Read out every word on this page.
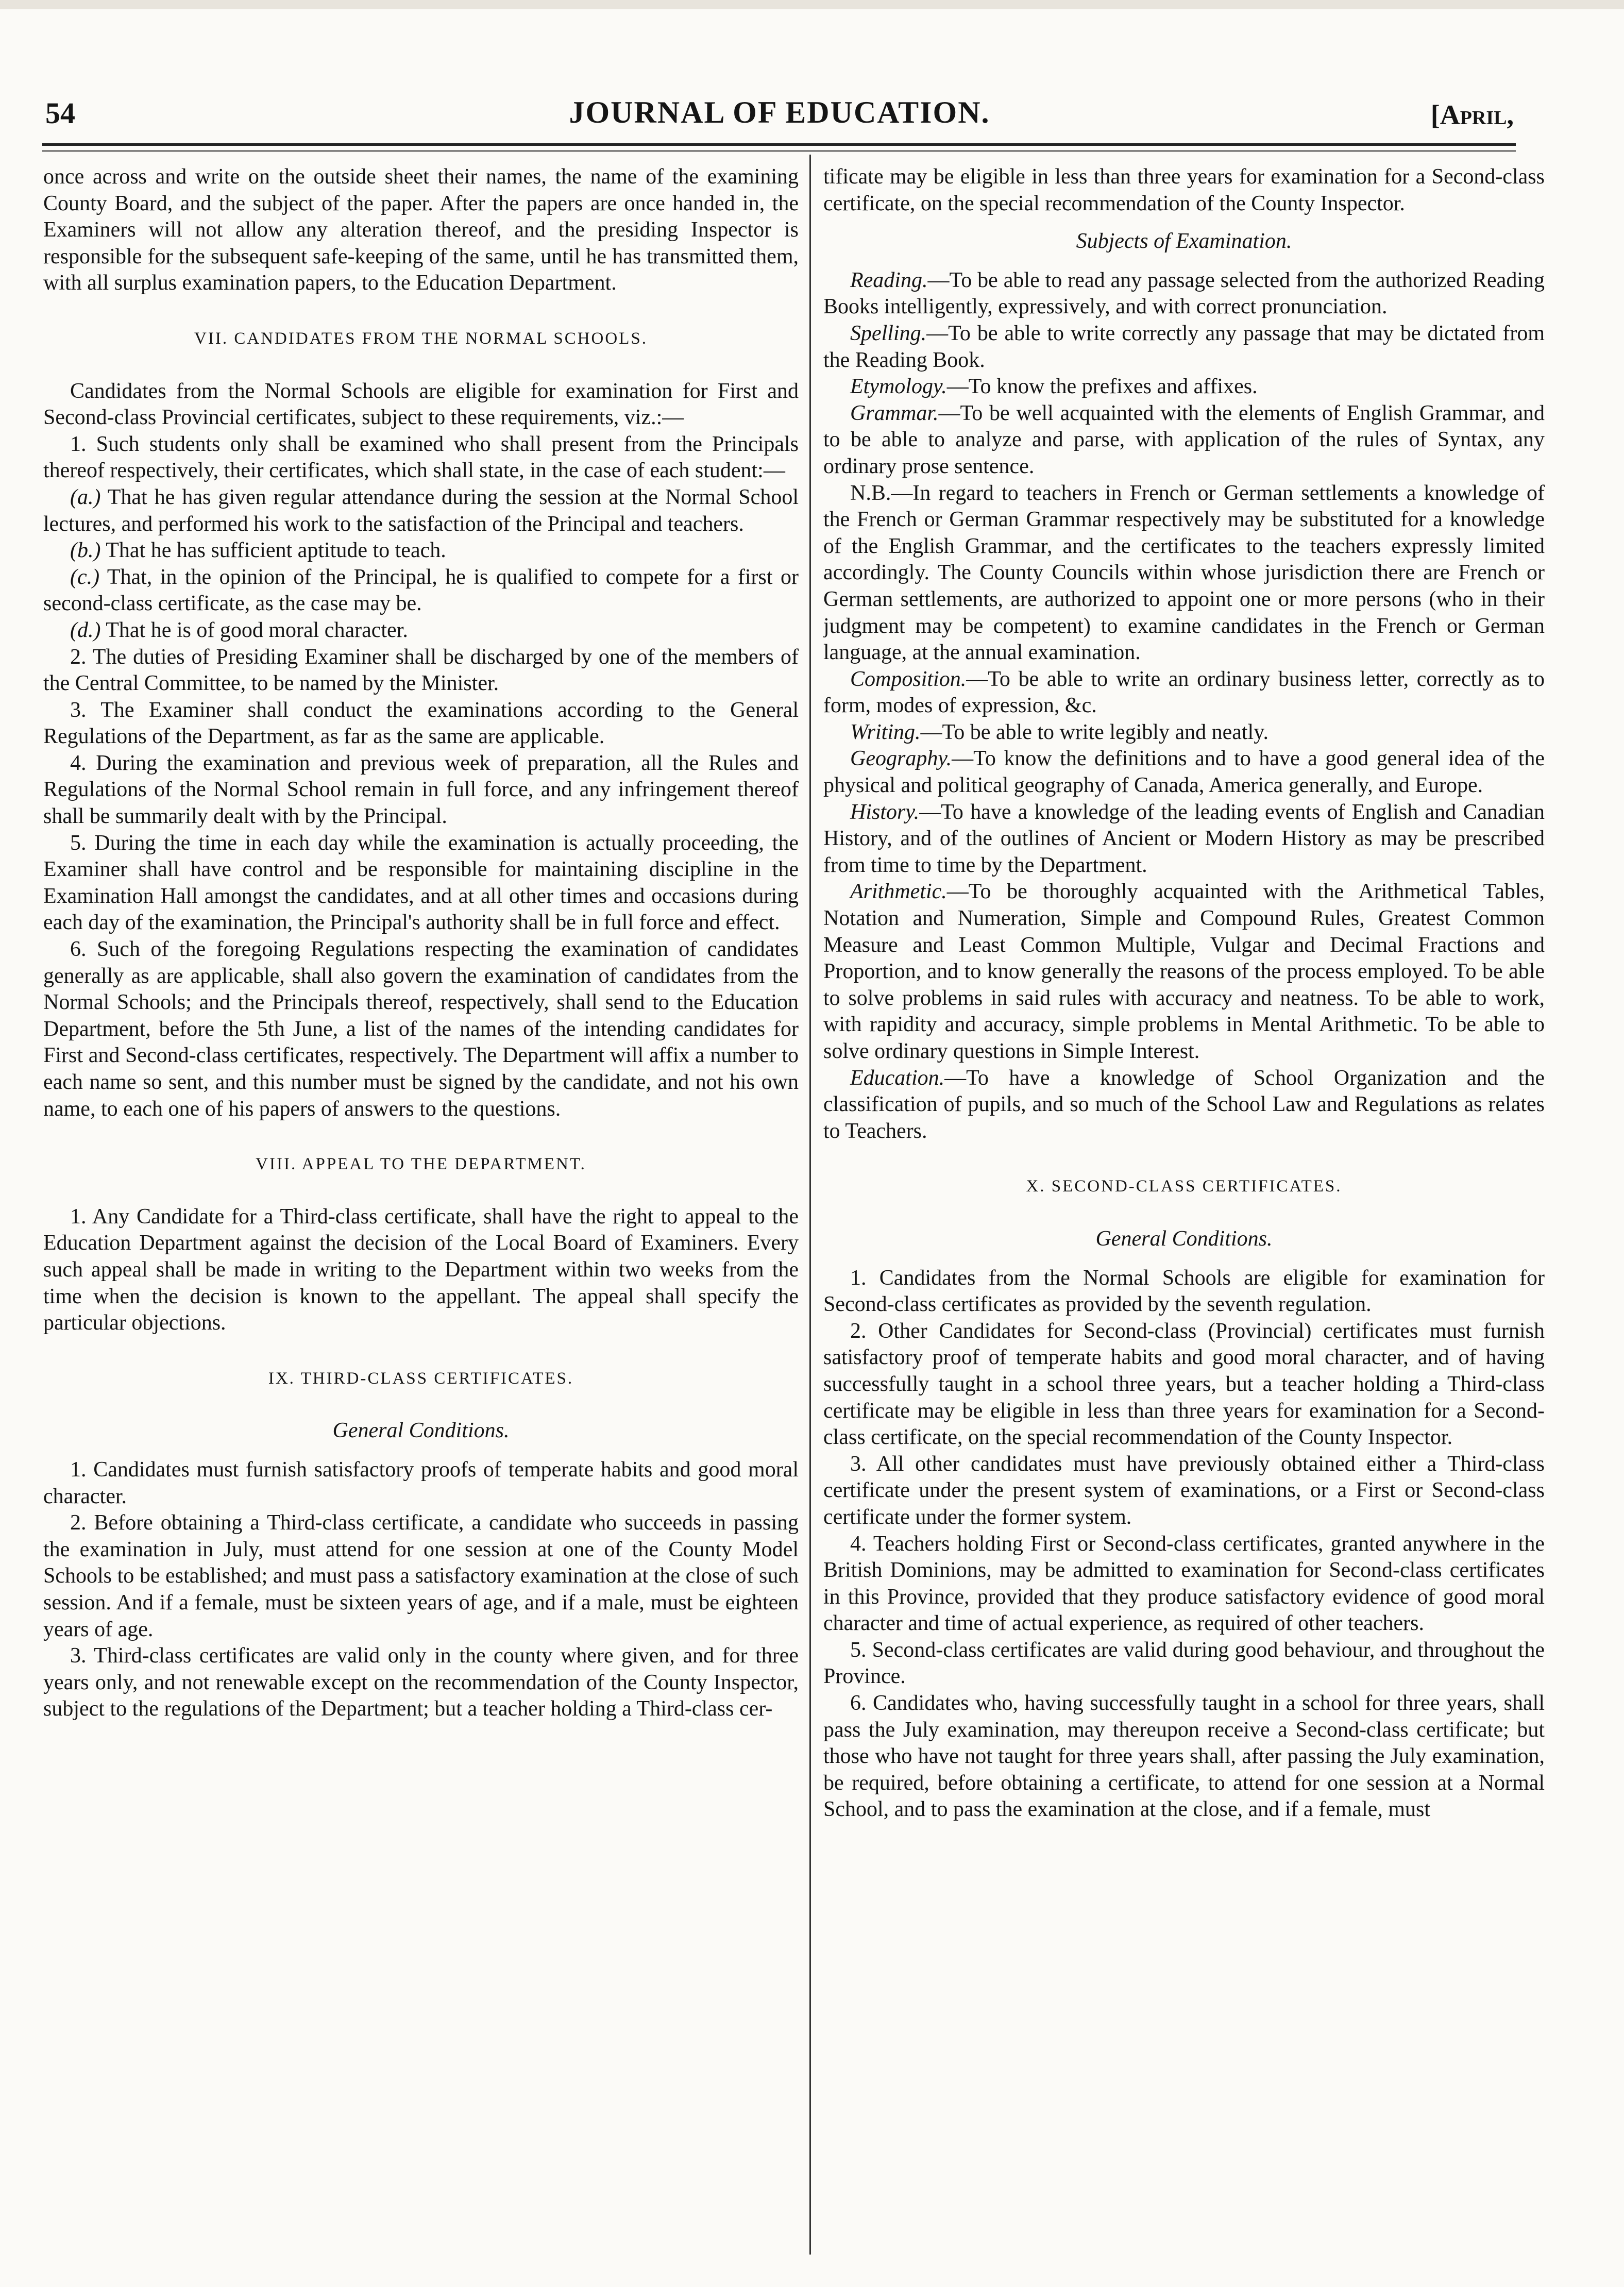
54	JOURNAL OF EDUCATION.	[April,

once across and write on the outside sheet their names, the name of the examining County Board, and the subject of the paper. After the papers are once handed in, the Examiners will not allow any alteration thereof, and the presiding Inspector is responsible for the subsequent safe-keeping of the same, until he has transmitted them, with all surplus examination papers, to the Education Department.

VII. CANDIDATES FROM THE NORMAL SCHOOLS.

Candidates from the Normal Schools are eligible for examination for First and Second-class Provincial certificates, subject to these requirements, viz.:—

1. Such students only shall be examined who shall present from the Principals thereof respectively, their certificates, which shall state, in the case of each student:—

(a.) That he has given regular attendance during the session at the Normal School lectures, and performed his work to the satisfaction of the Principal and teachers.

(b.) That he has sufficient aptitude to teach.

(c.) That, in the opinion of the Principal, he is qualified to compete for a first or second-class certificate, as the case may be.

(d.) That he is of good moral character.

2. The duties of Presiding Examiner shall be discharged by one of the members of the Central Committee, to be named by the Minister.

3. The Examiner shall conduct the examinations according to the General Regulations of the Department, as far as the same are applicable.

4. During the examination and previous week of preparation, all the Rules and Regulations of the Normal School remain in full force, and any infringement thereof shall be summarily dealt with by the Principal.

5. During the time in each day while the examination is actually proceeding, the Examiner shall have control and be responsible for maintaining discipline in the Examination Hall amongst the candidates, and at all other times and occasions during each day of the examination, the Principal's authority shall be in full force and effect.

6. Such of the foregoing Regulations respecting the examination of candidates generally as are applicable, shall also govern the examination of candidates from the Normal Schools; and the Principals thereof, respectively, shall send to the Education Department, before the 5th June, a list of the names of the intending candidates for First and Second-class certificates, respectively. The Department will affix a number to each name so sent, and this number must be signed by the candidate, and not his own name, to each one of his papers of answers to the questions.

VIII. APPEAL TO THE DEPARTMENT.

1. Any Candidate for a Third-class certificate, shall have the right to appeal to the Education Department against the decision of the Local Board of Examiners. Every such appeal shall be made in writing to the Department within two weeks from the time when the decision is known to the appellant. The appeal shall specify the particular objections.

IX. THIRD-CLASS CERTIFICATES.
General Conditions.

1. Candidates must furnish satisfactory proofs of temperate habits and good moral character.

2. Before obtaining a Third-class certificate, a candidate who succeeds in passing the examination in July, must attend for one session at one of the County Model Schools to be established; and must pass a satisfactory examination at the close of such session. And if a female, must be sixteen years of age, and if a male, must be eighteen years of age.

3. Third-class certificates are valid only in the county where given, and for three years only, and not renewable except on the recommendation of the County Inspector, subject to the regulations of the Department; but a teacher holding a Third-class cer-

tificate may be eligible in less than three years for examination for a Second-class certificate, on the special recommendation of the County Inspector.

Subjects of Examination.

Reading.—To be able to read any passage selected from the authorized Reading Books intelligently, expressively, and with correct pronunciation.

Spelling.—To be able to write correctly any passage that may be dictated from the Reading Book.

Etymology.—To know the prefixes and affixes.

Grammar.—To be well acquainted with the elements of English Grammar, and to be able to analyze and parse, with application of the rules of Syntax, any ordinary prose sentence.

N.B.—In regard to teachers in French or German settlements a knowledge of the French or German Grammar respectively may be substituted for a knowledge of the English Grammar, and the certificates to the teachers expressly limited accordingly. The County Councils within whose jurisdiction there are French or German settlements, are authorized to appoint one or more persons (who in their judgment may be competent) to examine candidates in the French or German language, at the annual examination.

Composition.—To be able to write an ordinary business letter, correctly as to form, modes of expression, &c.

Writing.—To be able to write legibly and neatly.

Geography.—To know the definitions and to have a good general idea of the physical and political geography of Canada, America generally, and Europe.

History.—To have a knowledge of the leading events of English and Canadian History, and of the outlines of Ancient or Modern History as may be prescribed from time to time by the Department.

Arithmetic.—To be thoroughly acquainted with the Arithmetical Tables, Notation and Numeration, Simple and Compound Rules, Greatest Common Measure and Least Common Multiple, Vulgar and Decimal Fractions and Proportion, and to know generally the reasons of the process employed. To be able to solve problems in said rules with accuracy and neatness. To be able to work, with rapidity and accuracy, simple problems in Mental Arithmetic. To be able to solve ordinary questions in Simple Interest.

Education.—To have a knowledge of School Organization and the classification of pupils, and so much of the School Law and Regulations as relates to Teachers.

X. SECOND-CLASS CERTIFICATES.
General Conditions.

1. Candidates from the Normal Schools are eligible for examination for Second-class certificates as provided by the seventh regulation.

2. Other Candidates for Second-class (Provincial) certificates must furnish satisfactory proof of temperate habits and good moral character, and of having successfully taught in a school three years, but a teacher holding a Third-class certificate may be eligible in less than three years for examination for a Second-class certificate, on the special recommendation of the County Inspector.

3. All other candidates must have previously obtained either a Third-class certificate under the present system of examinations, or a First or Second-class certificate under the former system.

4. Teachers holding First or Second-class certificates, granted anywhere in the British Dominions, may be admitted to examination for Second-class certificates in this Province, provided that they produce satisfactory evidence of good moral character and time of actual experience, as required of other teachers.

5. Second-class certificates are valid during good behaviour, and throughout the Province.

6. Candidates who, having successfully taught in a school for three years, shall pass the July examination, may thereupon receive a Second-class certificate; but those who have not taught for three years shall, after passing the July examination, be required, before obtaining a certificate, to attend for one session at a Normal School, and to pass the examination at the close, and if a female, must
